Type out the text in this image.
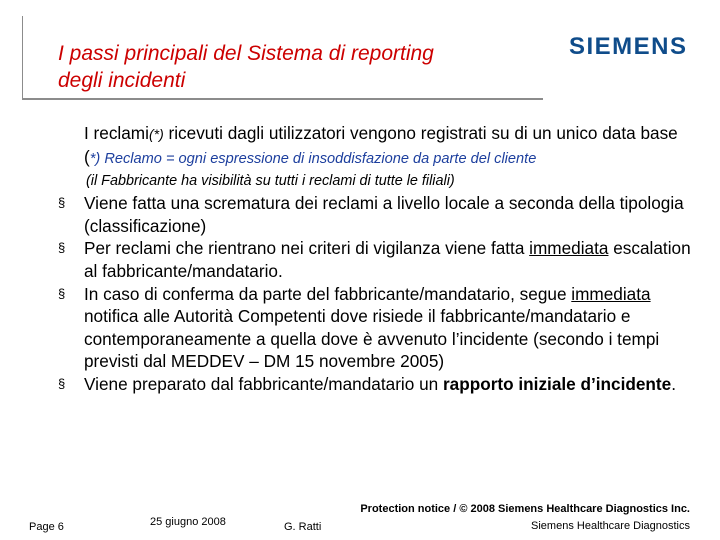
I passi principali del Sistema di reporting
degli incidenti
SIEMENS

I reclami(*) ricevuti dagli utilizzatori vengono registrati su di un unico data base (*) Reclamo = ogni espressione di insoddisfazione da parte del cliente

(il Fabbricante ha visibilità su tutti i reclami di tutte le filiali)

§ Viene fatta una scrematura dei reclami a livello locale a seconda della tipologia (classificazione)
§ Per reclami che rientrano nei criteri di vigilanza viene fatta immediata escalation al fabbricante/mandatario.
§ In caso di conferma da parte del fabbricante/mandatario, segue immediata notifica alle Autorità Competenti dove risiede il fabbricante/mandatario e contemporaneamente a quella dove è avvenuto l’incidente (secondo i tempi previsti dal MEDDEV – DM 15 novembre 2005)
§ Viene preparato dal fabbricante/mandatario un rapporto iniziale d’incidente.
Page 6	25 giugno 2008	G. Ratti
Protection notice / © 2008 Siemens Healthcare Diagnostics Inc.
Siemens Healthcare Diagnostics
